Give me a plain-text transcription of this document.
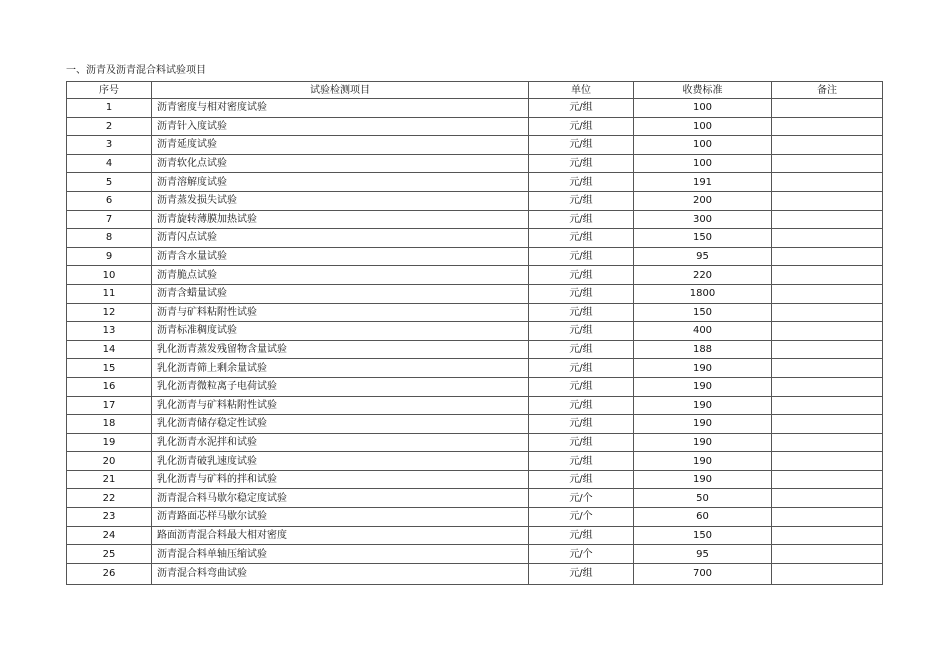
一、沥青及沥青混合料试验项目
序号	试验检测项目	单位	收费标准	备注
1	沥青密度与相对密度试验	元/组	100	
2	沥青针入度试验	元/组	100	
3	沥青延度试验	元/组	100	
4	沥青软化点试验	元/组	100	
5	沥青溶解度试验	元/组	191	
6	沥青蒸发损失试验	元/组	200	
7	沥青旋转薄膜加热试验	元/组	300	
8	沥青闪点试验	元/组	150	
9	沥青含水量试验	元/组	95	
10	沥青脆点试验	元/组	220	
11	沥青含蜡量试验	元/组	1800	
12	沥青与矿料粘附性试验	元/组	150	
13	沥青标准稠度试验	元/组	400	
14	乳化沥青蒸发残留物含量试验	元/组	188	
15	乳化沥青筛上剩余量试验	元/组	190	
16	乳化沥青微粒离子电荷试验	元/组	190	
17	乳化沥青与矿料粘附性试验	元/组	190	
18	乳化沥青储存稳定性试验	元/组	190	
19	乳化沥青水泥拌和试验	元/组	190	
20	乳化沥青破乳速度试验	元/组	190	
21	乳化沥青与矿料的拌和试验	元/组	190	
22	沥青混合料马歇尔稳定度试验	元/个	50	
23	沥青路面芯样马歇尔试验	元/个	60	
24	路面沥青混合料最大相对密度	元/组	150	
25	沥青混合料单轴压缩试验	元/个	95	
26	沥青混合料弯曲试验	元/组	700	
